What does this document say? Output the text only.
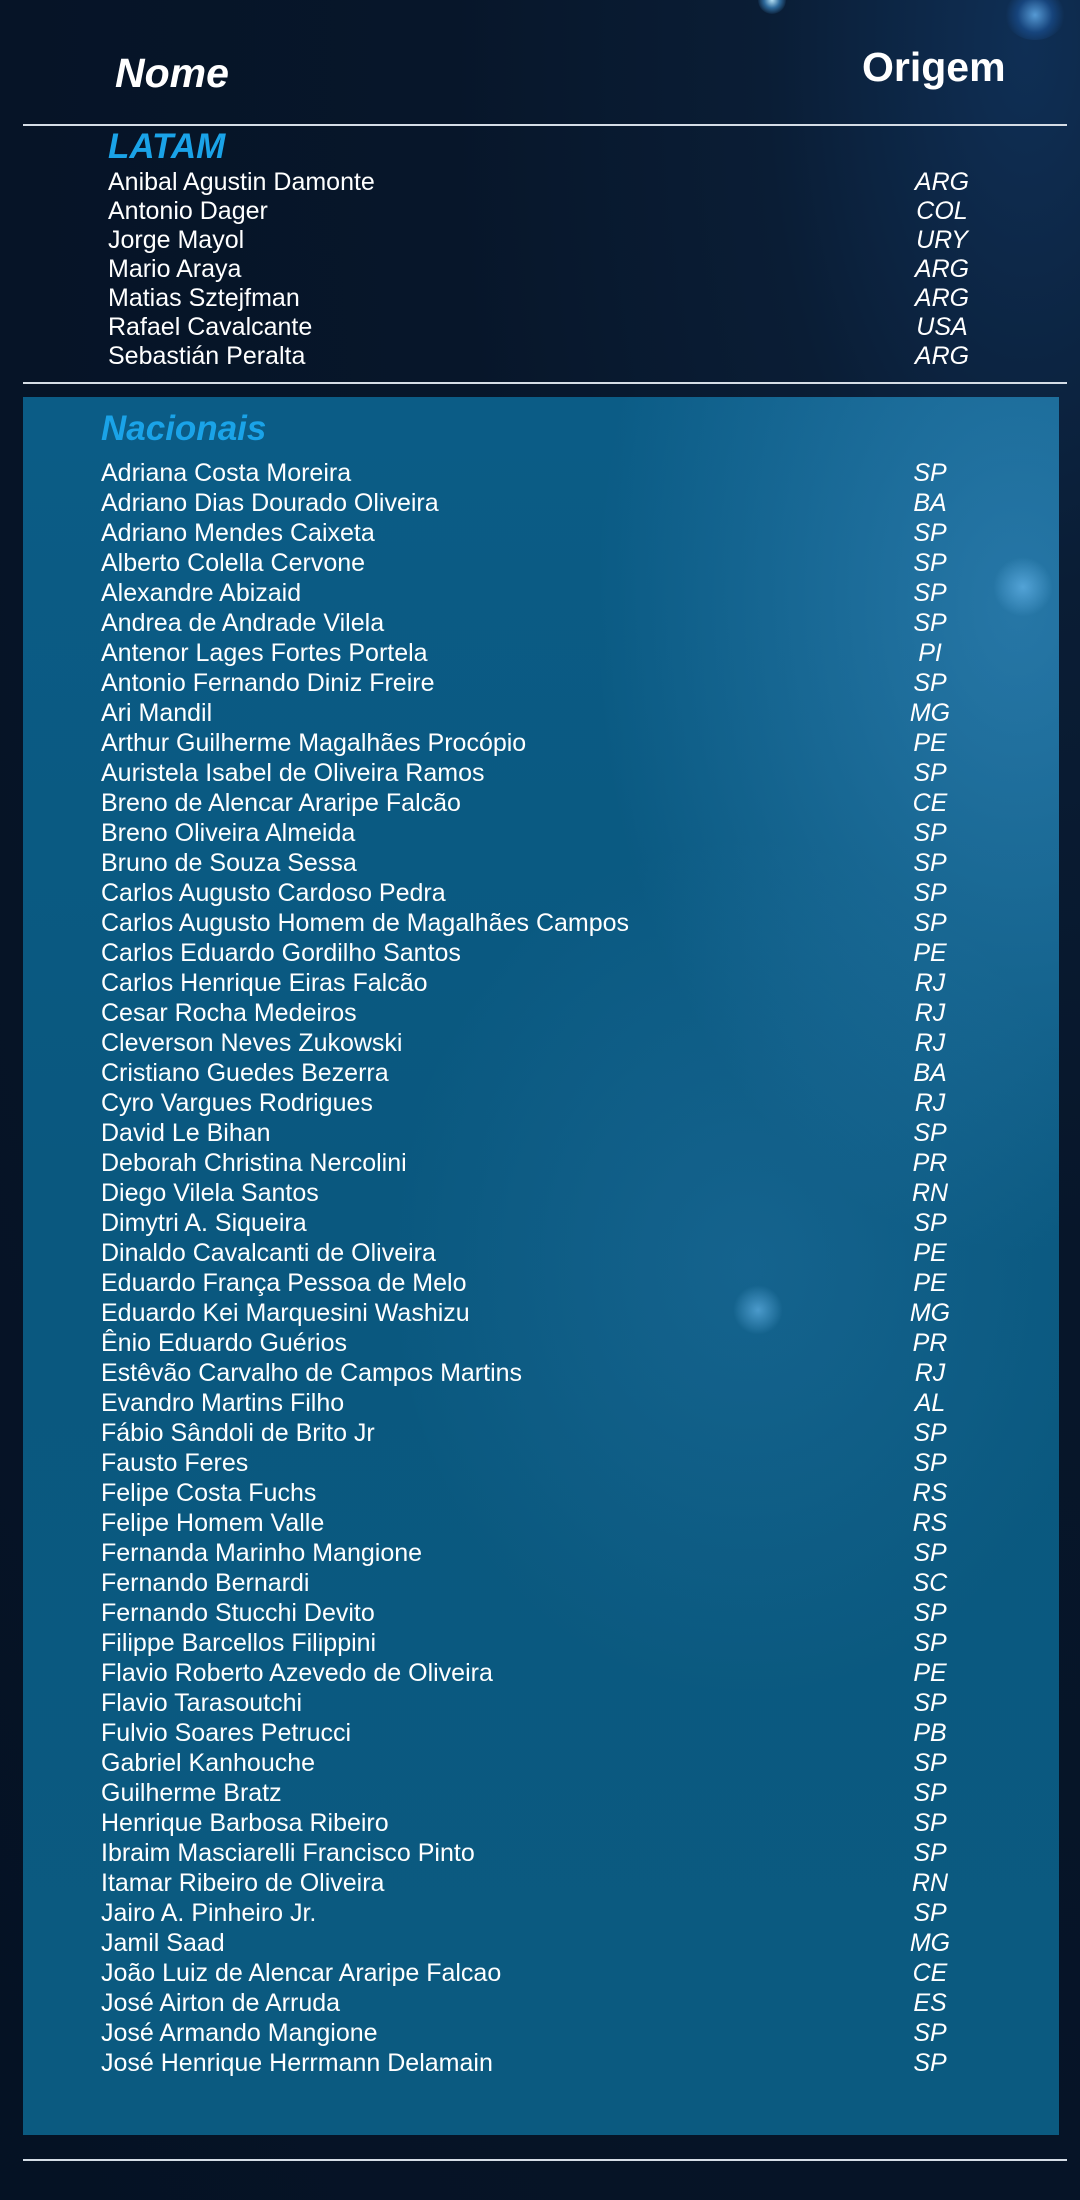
Nome	Origem
LATAM
Anibal Agustin Damonte	ARG
Antonio Dager	COL
Jorge Mayol	URY
Mario Araya	ARG
Matias Sztejfman	ARG
Rafael Cavalcante	USA
Sebastián Peralta	ARG
Nacionais
Adriana Costa Moreira	SP
Adriano Dias Dourado Oliveira	BA
Adriano Mendes Caixeta	SP
Alberto Colella Cervone	SP
Alexandre Abizaid	SP
Andrea de Andrade Vilela	SP
Antenor Lages Fortes Portela	PI
Antonio Fernando Diniz Freire	SP
Ari Mandil	MG
Arthur Guilherme Magalhães Procópio	PE
Auristela Isabel de Oliveira Ramos	SP
Breno de Alencar Araripe Falcão	CE
Breno Oliveira Almeida	SP
Bruno de Souza Sessa	SP
Carlos Augusto Cardoso Pedra	SP
Carlos Augusto Homem de Magalhães Campos	SP
Carlos Eduardo Gordilho Santos	PE
Carlos Henrique Eiras Falcão	RJ
Cesar Rocha Medeiros	RJ
Cleverson Neves Zukowski	RJ
Cristiano Guedes Bezerra	BA
Cyro Vargues Rodrigues	RJ
David Le Bihan	SP
Deborah Christina Nercolini	PR
Diego Vilela Santos	RN
Dimytri A. Siqueira	SP
Dinaldo Cavalcanti de Oliveira	PE
Eduardo França Pessoa de Melo	PE
Eduardo Kei Marquesini Washizu	MG
Ênio Eduardo Guérios	PR
Estêvão Carvalho de Campos Martins	RJ
Evandro Martins Filho	AL
Fábio Sândoli de Brito Jr	SP
Fausto Feres	SP
Felipe Costa Fuchs	RS
Felipe Homem Valle	RS
Fernanda Marinho Mangione	SP
Fernando Bernardi	SC
Fernando Stucchi Devito	SP
Filippe Barcellos Filippini	SP
Flavio Roberto Azevedo de Oliveira	PE
Flavio Tarasoutchi	SP
Fulvio Soares Petrucci	PB
Gabriel Kanhouche	SP
Guilherme Bratz	SP
Henrique Barbosa Ribeiro	SP
Ibraim Masciarelli Francisco Pinto	SP
Itamar Ribeiro de Oliveira	RN
Jairo A. Pinheiro Jr.	SP
Jamil Saad	MG
João Luiz de Alencar Araripe Falcao	CE
José Airton de Arruda	ES
José Armando Mangione	SP
José Henrique Herrmann Delamain	SP
